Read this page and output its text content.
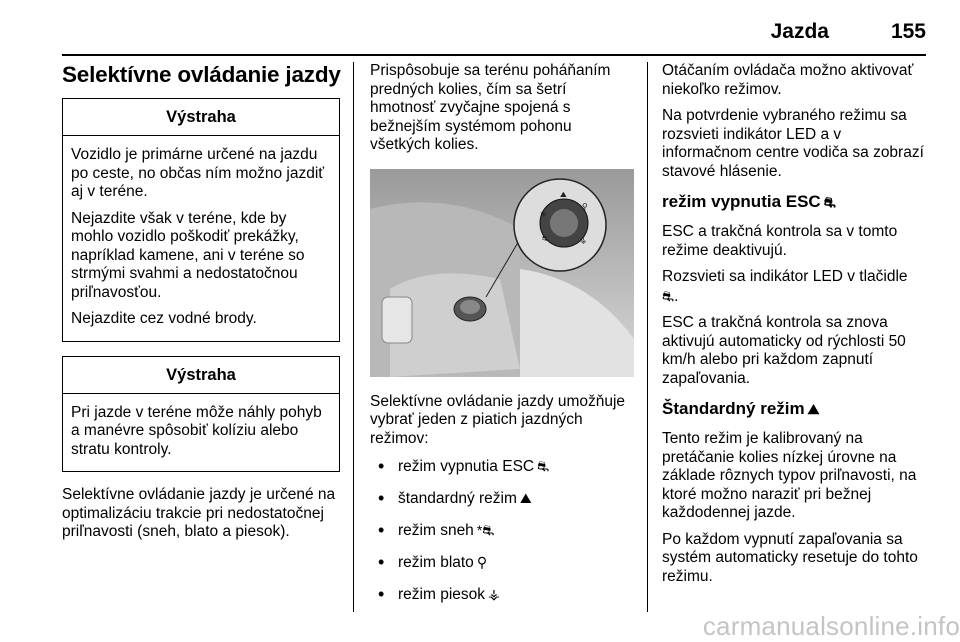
Jazda	155
Selektívne ovládanie jazdy
Výstraha

Vozidlo je primárne určené na jazdu po ceste, no občas ním možno jazdiť aj v teréne.

Nejazdite však v teréne, kde by mohlo vozidlo poškodiť prekážky, napríklad kamene, ani v teréne so strmými svahmi a nedostatočnou priľnavosťou.

Nejazdite cez vodné brody.

Výstraha

Pri jazde v teréne môže náhly pohyb a manévre spôsobiť kolíziu alebo stratu kontroly.

Selektívne ovládanie jazdy je určené na optimalizáciu trakcie pri nedostatočnej priľnavosti (sneh, blato a piesok).

Prispôsobuje sa terénu poháňaním predných kolies, čím sa šetrí hmotnosť zvyčajne spojená s bežnejším systémom pohonu všetkých kolies.

❄
⛰
⚲
⛐	⚶

Selektívne ovládanie jazdy umožňuje vybrať jeden z piatich jazdných režimov:

• režim vypnutia ESC ⛐
• štandardný režim ⛰
• režim sneh *⛐
• režim blato ⚲
• režim piesok ⚶

Otáčaním ovládača možno aktivovať niekoľko režimov.

Na potvrdenie vybraného režimu sa rozsvieti indikátor LED a v informačnom centre vodiča sa zobrazí stavové hlásenie.

režim vypnutia ESC ⛐

ESC a trakčná kontrola sa v tomto režime deaktivujú.

Rozsvieti sa indikátor LED v tlačidle
⛐.

ESC a trakčná kontrola sa znova aktivujú automaticky od rýchlosti 50 km/h alebo pri každom zapnutí zapaľovania.

Štandardný režim ⛰

Tento režim je kalibrovaný na pretáčanie kolies nízkej úrovne na základe rôznych typov priľnavosti, na ktoré možno naraziť pri bežnej každodennej jazde.

Po každom vypnutí zapaľovania sa systém automaticky resetuje do tohto režimu.

carmanualsonline.info
